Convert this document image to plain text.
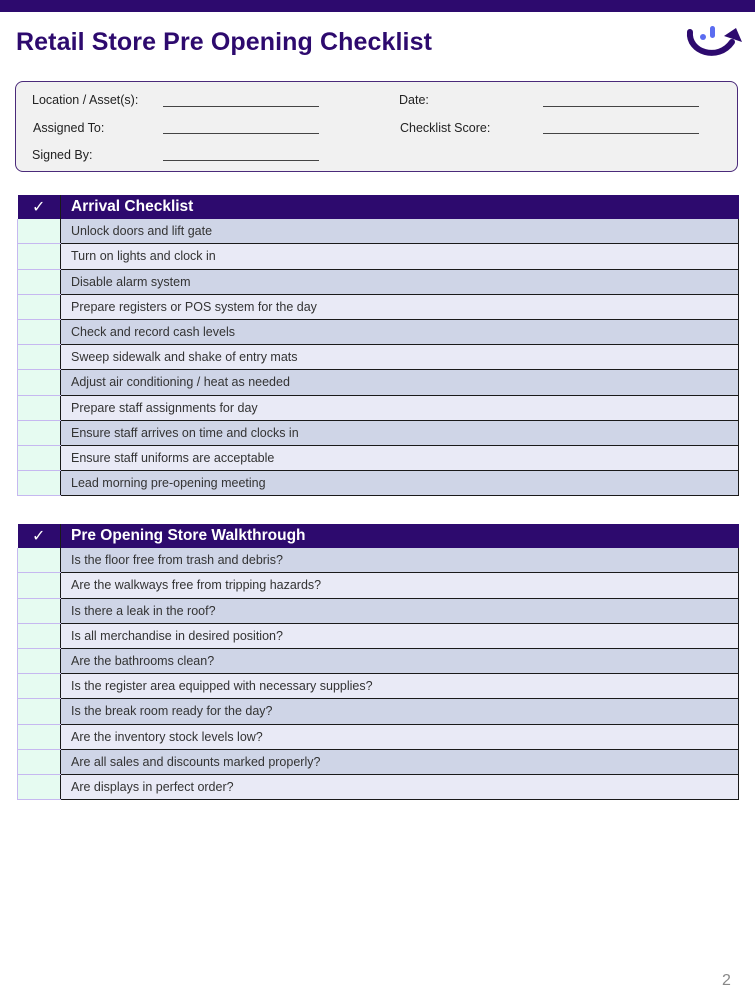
Retail Store Pre Opening Checklist
Location / Asset(s):
Assigned To:
Signed By:
Date:
Checklist Score:
✓	Arrival Checklist
	Unlock doors and lift gate
	Turn on lights and clock in
	Disable alarm system
	Prepare registers or POS system for the day
	Check and record cash levels
	Sweep sidewalk and shake of entry mats
	Adjust air conditioning / heat as needed
	Prepare staff assignments for day
	Ensure staff arrives on time and clocks in
	Ensure staff uniforms are acceptable
	Lead morning pre-opening meeting
✓	Pre Opening Store Walkthrough
	Is the floor free from trash and debris?
	Are the walkways free from tripping hazards?
	Is there a leak in the roof?
	Is all merchandise in desired position?
	Are the bathrooms clean?
	Is the register area equipped with necessary supplies?
	Is the break room ready for the day?
	Are the inventory stock levels low?
	Are all sales and discounts marked properly?
	Are displays in perfect order?
2
